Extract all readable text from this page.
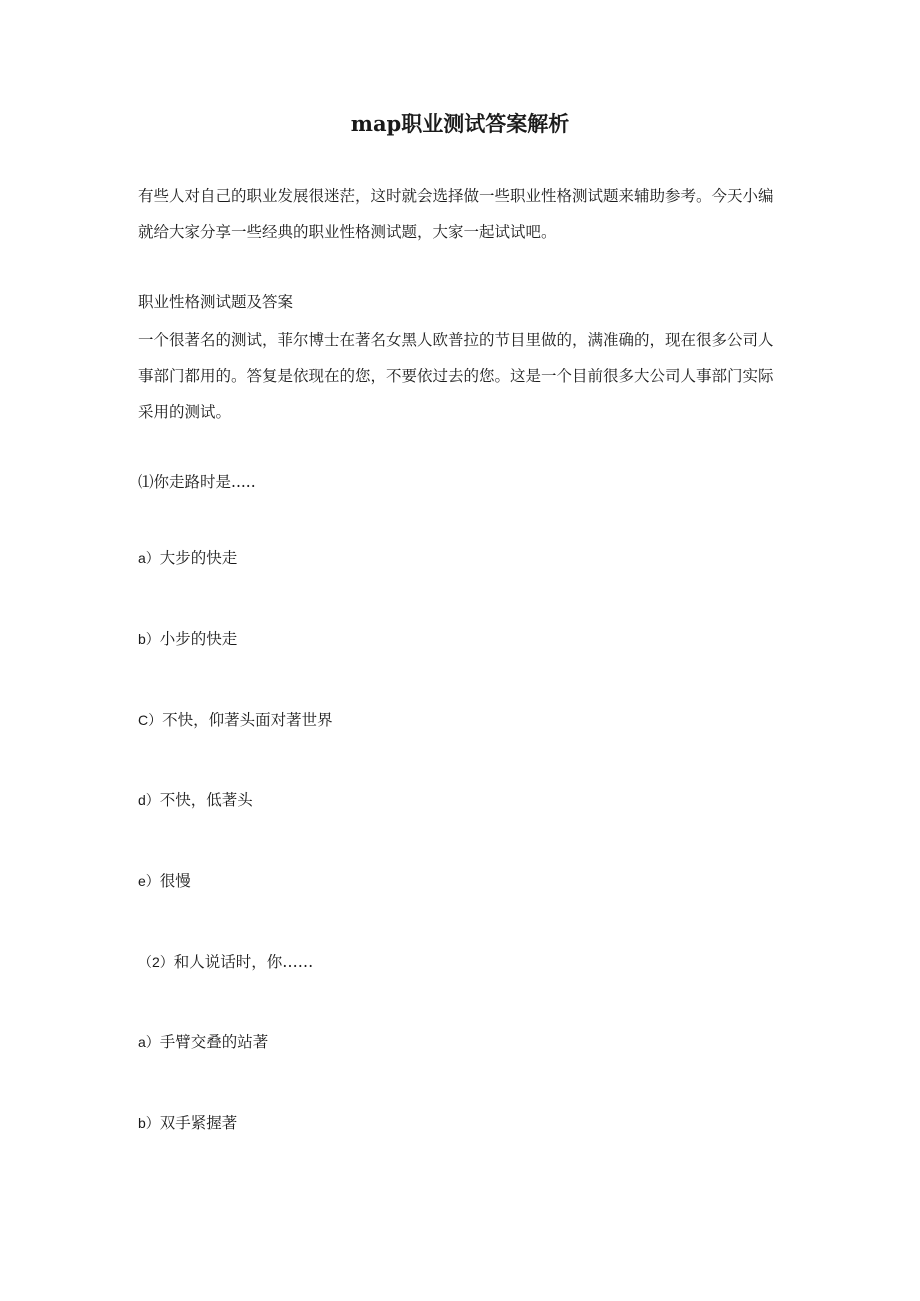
map职业测试答案解析

有些人对自己的职业发展很迷茫，这时就会选择做一些职业性格测试题来辅助参考。今天小编就给大家分享一些经典的职业性格测试题，大家一起试试吧。

职业性格测试题及答案

一个很著名的测试，菲尔博士在著名女黑人欧普拉的节目里做的，满准确的，现在很多公司人事部门都用的。答复是依现在的您，不要依过去的您。这是一个目前很多大公司人事部门实际采用的测试。

⑴你走路时是.....

a）大步的快走

b）小步的快走

C）不快，仰著头面对著世界

d）不快，低著头

e）很慢

（2）和人说话时，你……

a）手臂交叠的站著

b）双手紧握著
